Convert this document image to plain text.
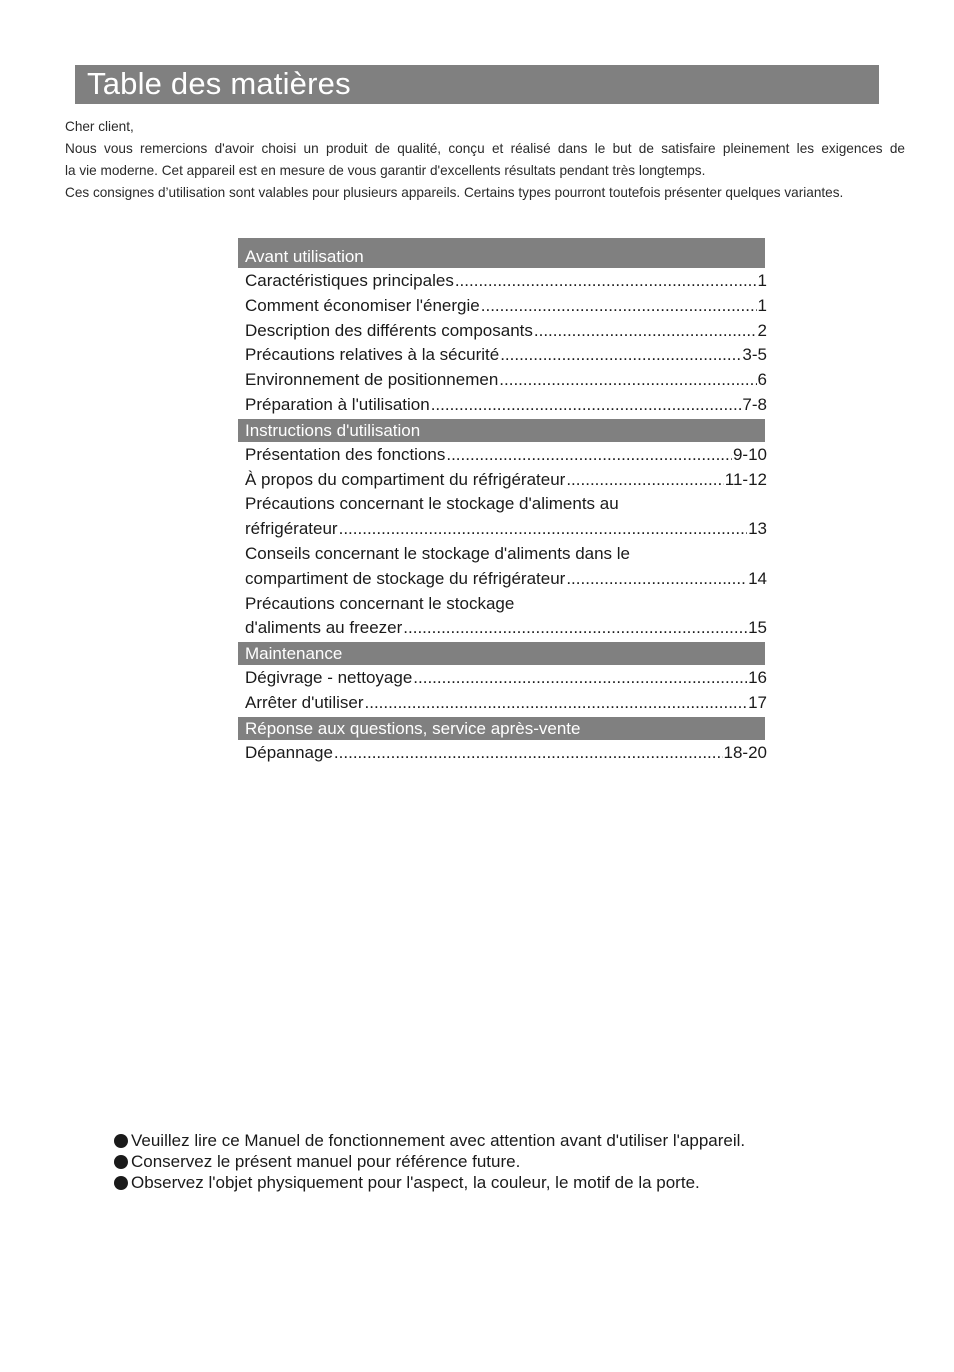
Table des matières

Cher client,

Nous vous remercions d'avoir choisi un produit de qualité, conçu et réalisé dans le but de satisfaire pleinement les exigences de

la vie moderne. Cet appareil est en mesure de vous garantir d'excellents résultats pendant très longtemps.

Ces consignes d’utilisation sont valables pour plusieurs appareils. Certains types pourront toutefois présenter quelques variantes.

Avant utilisation
Caractéristiques principales .....	1
Comment économiser l'énergie .....	1
Description des différents composants .....	2
Précautions relatives à la sécurité .....	3-5
Environnement de positionnemen .....	6
Préparation à l'utilisation .....	7-8
Instructions d'utilisation
Présentation des fonctions .....	9-10
À propos du compartiment du réfrigérateur .....	11-12
Précautions concernant le stockage d'aliments au
réfrigérateur .....	13
Conseils concernant le stockage d'aliments dans le
compartiment de stockage du réfrigérateur .....	14
Précautions concernant le stockage
d'aliments au freezer .....	15
Maintenance
Dégivrage - nettoyage .....	16
Arrêter d'utiliser .....	17
Réponse aux questions, service après-vente
Dépannage .....	18-20
Veuillez lire ce Manuel de fonctionnement avec attention avant d'utiliser l'appareil.
Conservez le présent manuel pour référence future.
Observez l'objet physiquement pour l'aspect, la couleur, le motif de la porte.
